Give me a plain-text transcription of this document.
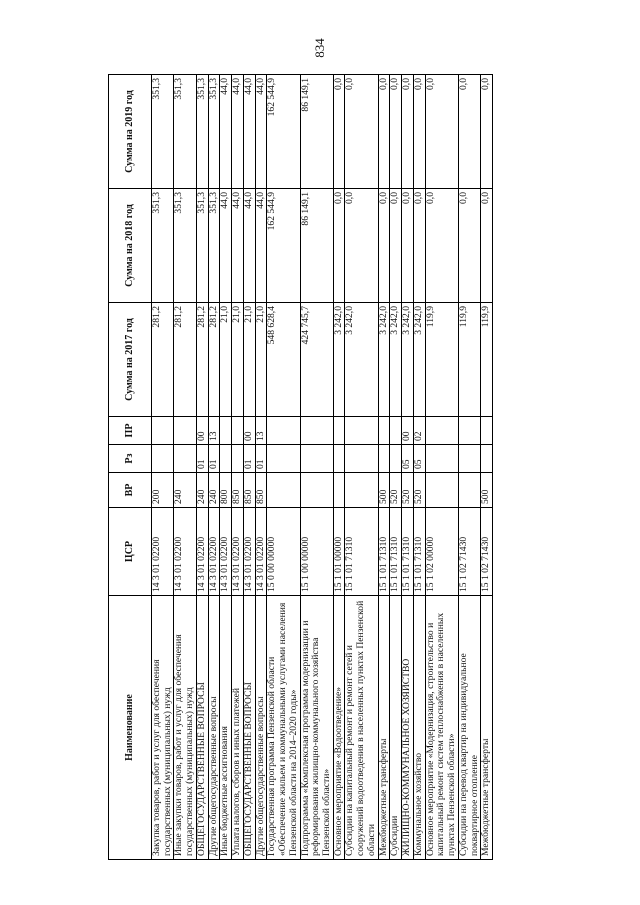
834
Наименование	ЦСР	ВР	Рз	ПР	Сумма на 2017 год	Сумма на 2018 год	Сумма на 2019 год
Закупка товаров, работ и услуг для обеспечения государственных (муниципальных) нужд	14 3 01 02200	200			281,2	351,3	351,3
Иные закупки товаров, работ и услуг для обеспечения государственных (муниципальных) нужд	14 3 01 02200	240			281,2	351,3	351,3
ОБЩЕГОСУДАРСТВЕННЫЕ ВОПРОСЫ	14 3 01 02200	240	01	00	281,2	351,3	351,3
Другие общегосударственные вопросы	14 3 01 02200	240	01	13	281,2	351,3	351,3
Иные бюджетные ассигнования	14 3 01 02200	800			21,0	44,0	44,0
Уплата налогов, сборов и иных платежей	14 3 01 02200	850			21,0	44,0	44,0
ОБЩЕГОСУДАРСТВЕННЫЕ ВОПРОСЫ	14 3 01 02200	850	01	00	21,0	44,0	44,0
Другие общегосударственные вопросы	14 3 01 02200	850	01	13	21,0	44,0	44,0
Государственная программа Пензенской области «Обеспечение жильем и коммунальными услугами населения Пензенской области на 2014–2020 годы»	15 0 00 00000				548 628,4	162 544,9	162 544,9
Подпрограмма «Комплексная программа модернизации и реформирования жилищно-коммунального хозяйства Пензенской области»	15 1 00 00000				424 745,7	86 149,1	86 149,1
Основное мероприятие «Водоотведение»	15 1 01 00000				3 242,0	0,0	0,0
Субсидии на капитальный ремонт и ремонт сетей и сооружений водоотведения в населенных пунктах Пензенской области	15 1 01 71310				3 242,0	0,0	0,0
Межбюджетные трансферты	15 1 01 71310	500			3 242,0	0,0	0,0
Субсидии	15 1 01 71310	520			3 242,0	0,0	0,0
ЖИЛИЩНО-КОММУНАЛЬНОЕ ХОЗЯЙСТВО	15 1 01 71310	520	05	00	3 242,0	0,0	0,0
Коммунальное хозяйство	15 1 01 71310	520	05	02	3 242,0	0,0	0,0
Основное мероприятие «Модернизация, строительство и капитальный ремонт систем теплоснабжения в населенных пунктах Пензенской области»	15 1 02 00000				119,9	0,0	0,0
Субсидии на перевод квартир на индивидуальное поквартирное отопление	15 1 02 71430				119,9	0,0	0,0
Межбюджетные трансферты	15 1 02 71430	500			119,9	0,0	0,0
